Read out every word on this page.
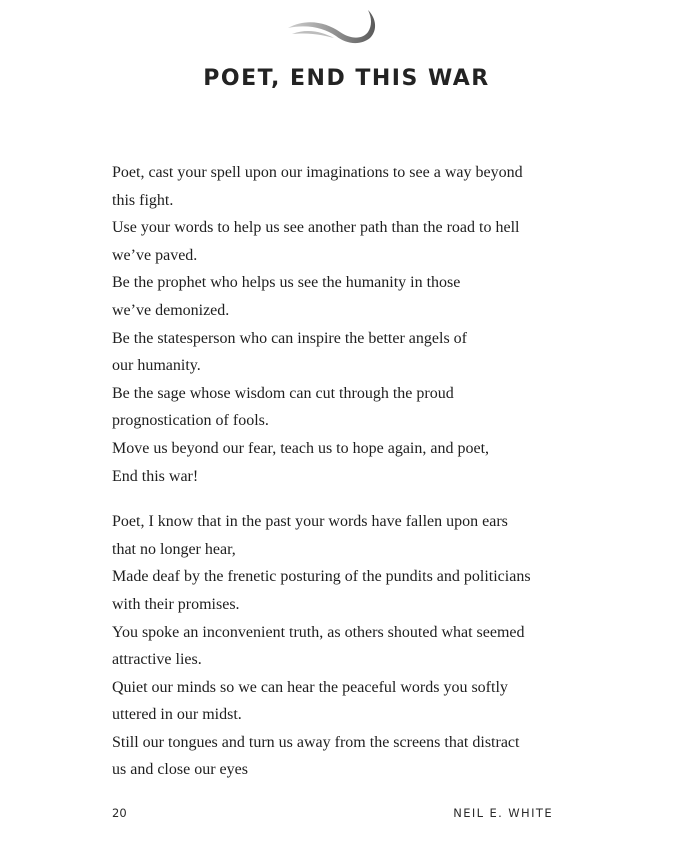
POET, END THIS WAR
Poet, cast your spell upon our imaginations to see a way beyond
this fight.
Use your words to help us see another path than the road to hell
we’ve paved.
Be the prophet who helps us see the humanity in those
we’ve demonized.
Be the statesperson who can inspire the better angels of
our humanity.
Be the sage whose wisdom can cut through the proud
prognostication of fools.
Move us beyond our fear, teach us to hope again, and poet,
End this war!
Poet, I know that in the past your words have fallen upon ears
that no longer hear,
Made deaf by the frenetic posturing of the pundits and politicians
with their promises.
You spoke an inconvenient truth, as others shouted what seemed
attractive lies.
Quiet our minds so we can hear the peaceful words you softly
uttered in our midst.
Still our tongues and turn us away from the screens that distract
us and close our eyes
20	NEIL E. WHITE
